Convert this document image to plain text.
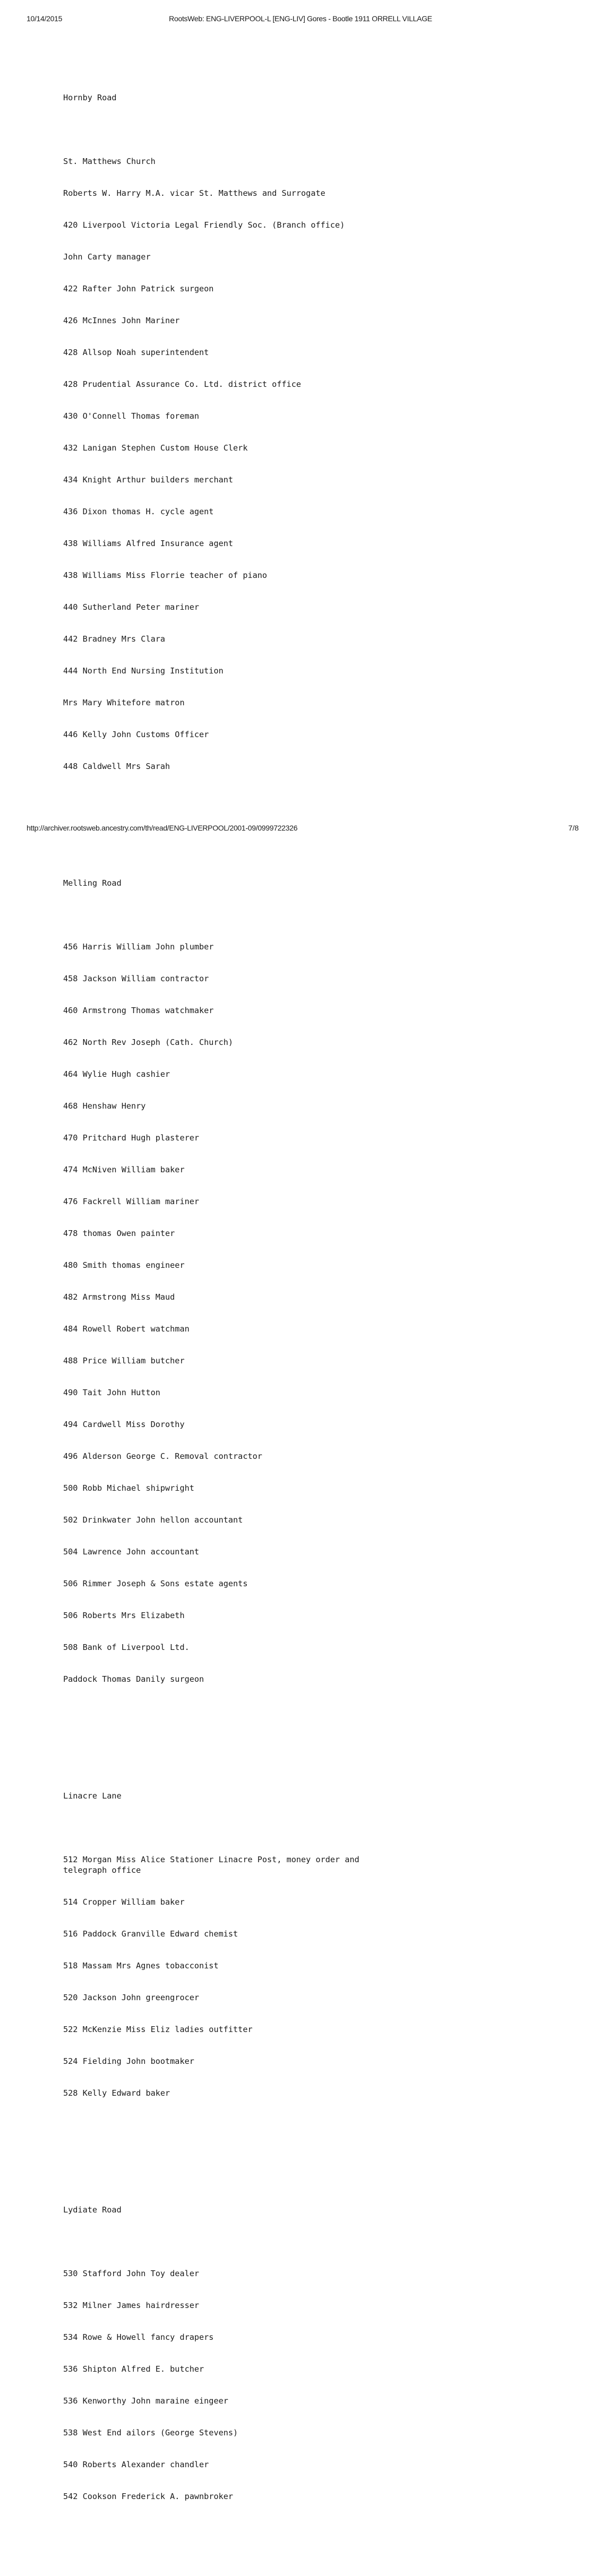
10/14/2015	RootsWeb: ENG-LIVERPOOL-L [ENG-LIV] Gores - Bootle 1911 ORRELL VILLAGE

Hornby Road

St. Matthews Church

Roberts W. Harry M.A. vicar St. Matthews and Surrogate

420 Liverpool Victoria Legal Friendly Soc. (Branch office)

John Carty manager

422 Rafter John Patrick surgeon

426 McInnes John Mariner

428 Allsop Noah superintendent

428 Prudential Assurance Co. Ltd. district office

430 O'Connell Thomas foreman

432 Lanigan Stephen Custom House Clerk

434 Knight Arthur builders merchant

436 Dixon thomas H. cycle agent

438 Williams Alfred Insurance agent

438 Williams Miss Florrie teacher of piano

440 Sutherland Peter mariner

442 Bradney Mrs Clara

444 North End Nursing Institution

Mrs Mary Whitefore matron

446 Kelly John Customs Officer

448 Caldwell Mrs Sarah

Melling Road

456 Harris William John plumber

458 Jackson William contractor

460 Armstrong Thomas watchmaker

462 North Rev Joseph (Cath. Church)

464 Wylie Hugh cashier

468 Henshaw Henry

470 Pritchard Hugh plasterer

474 McNiven William baker

476 Fackrell William mariner

478 thomas Owen painter

480 Smith thomas engineer

482 Armstrong Miss Maud

484 Rowell Robert watchman

488 Price William butcher

490 Tait John Hutton

494 Cardwell Miss Dorothy

496 Alderson George C. Removal contractor

500 Robb Michael shipwright

502 Drinkwater John hellon accountant

504 Lawrence John accountant

506 Rimmer Joseph & Sons estate agents

506 Roberts Mrs Elizabeth

508 Bank of Liverpool Ltd.

Paddock Thomas Danily surgeon

Linacre Lane

512 Morgan Miss Alice Stationer Linacre Post, money order and telegraph office

514 Cropper William baker

516 Paddock Granville Edward chemist

518 Massam Mrs Agnes tobacconist

520 Jackson John greengrocer

522 McKenzie Miss Eliz ladies outfitter

524 Fielding John bootmaker

528 Kelly Edward baker

Lydiate Road

530 Stafford John Toy dealer

532 Milner James hairdresser

534 Rowe & Howell fancy drapers

536 Shipton Alfred E. butcher

536 Kenworthy John maraine eingeer

538 West End ailors (George Stevens)

540 Roberts Alexander chandler

542 Cookson Frederick A. pawnbroker

http://archiver.rootsweb.ancestry.com/th/read/ENG-LIVERPOOL/2001-09/0999722326	7/8
